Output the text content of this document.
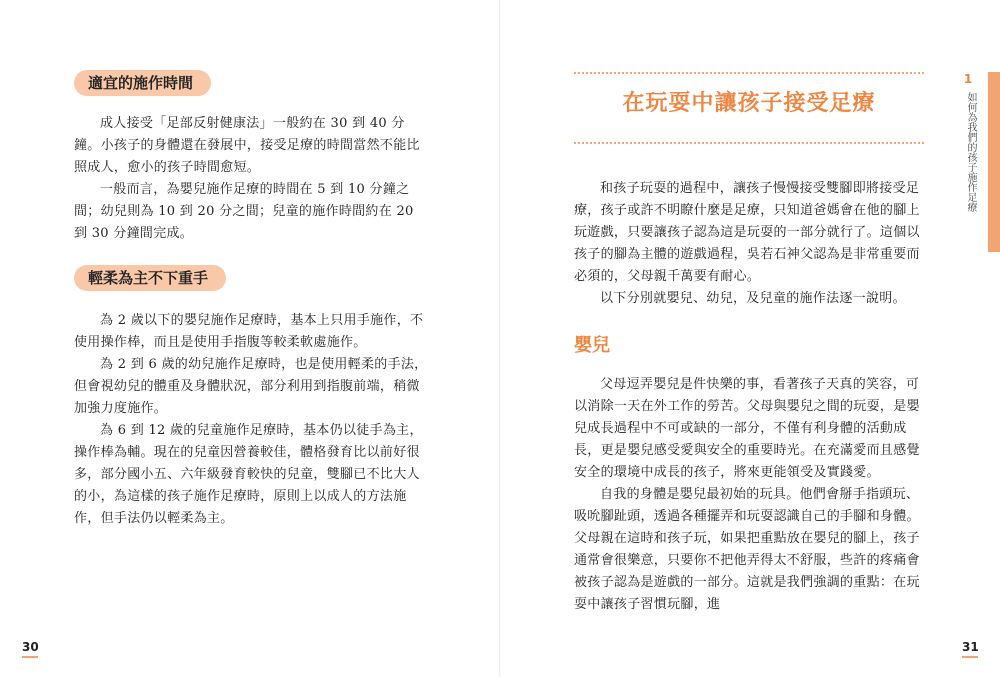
適宜的施作時間

成人接受「足部反射健康法」一般約在 30 到 40 分鐘。小孩子的身體還在發展中，接受足療的時間當然不能比照成人，愈小的孩子時間愈短。

一般而言，為嬰兒施作足療的時間在 5 到 10 分鐘之間；幼兒則為 10 到 20 分之間；兒童的施作時間約在 20 到 30 分鐘間完成。

輕柔為主不下重手

為 2 歲以下的嬰兒施作足療時，基本上只用手施作，不使用操作棒，而且是使用手指腹等較柔軟處施作。

為 2 到 6 歲的幼兒施作足療時，也是使用輕柔的手法，但會視幼兒的體重及身體狀況，部分利用到指腹前端，稍微加強力度施作。

為 6 到 12 歲的兒童施作足療時，基本仍以徒手為主，操作棒為輔。現在的兒童因營養較佳，體格發育比以前好很多，部分國小五、六年級發育較快的兒童，雙腳已不比大人的小，為這樣的孩子施作足療時，原則上以成人的方法施作，但手法仍以輕柔為主。

30
在玩耍中讓孩子接受足療

和孩子玩耍的過程中，讓孩子慢慢接受雙腳即將接受足療，孩子或許不明瞭什麼是足療，只知道爸媽會在他的腳上玩遊戲，只要讓孩子認為這是玩耍的一部分就行了。這個以孩子的腳為主體的遊戲過程，吳若石神父認為是非常重要而必須的，父母親千萬要有耐心。

以下分別就嬰兒、幼兒，及兒童的施作法逐一說明。

嬰兒

父母逗弄嬰兒是件快樂的事，看著孩子天真的笑容，可以消除一天在外工作的勞苦。父母與嬰兒之間的玩耍，是嬰兒成長過程中不可或缺的一部分，不僅有利身體的活動成長，更是嬰兒感受愛與安全的重要時光。在充滿愛而且感覺安全的環境中成長的孩子，將來更能領受及實踐愛。

自我的身體是嬰兒最初始的玩具。他們會掰手指頭玩、吸吮腳趾頭，透過各種擺弄和玩耍認識自己的手腳和身體。父母親在這時和孩子玩，如果把重點放在嬰兒的腳上，孩子通常會很樂意，只要你不把他弄得太不舒服，些許的疼痛會被孩子認為是遊戲的一部分。這就是我們強調的重點：在玩耍中讓孩子習慣玩腳，進

1
如何為我們的孩子施作足療
31
